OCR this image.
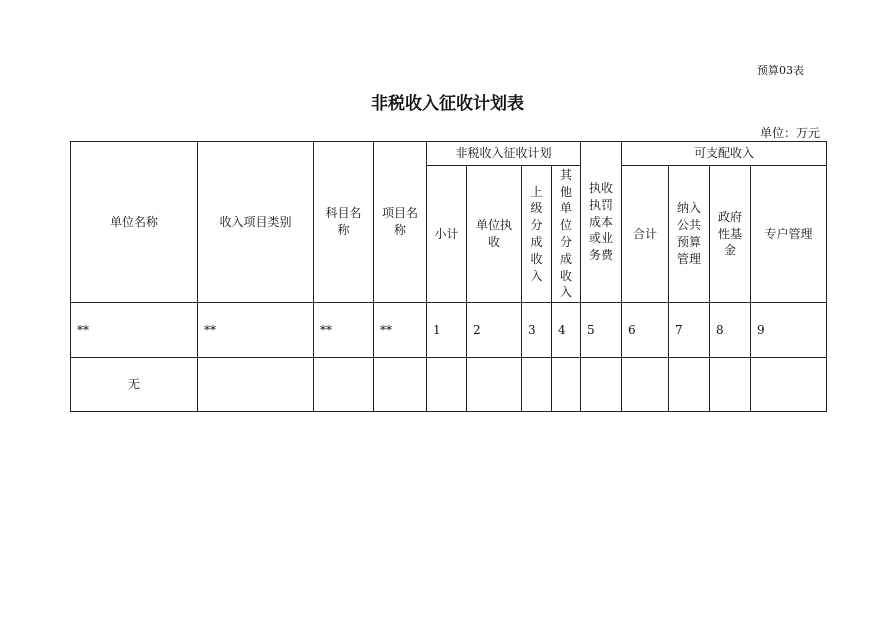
预算03表
非税收入征收计划表
单位：万元
单位名称	收入项目类别	科目名称	项目名称	非税收入征收计划				执收执罚成本或业务费	可支配收入			
				小计	单位执收	上级分成收入	其他单位分成收入		合计	纳入公共预算管理	政府性基金	专户管理
**	**	**	**	1	2	3	4	5	6	7	8	9
无												
